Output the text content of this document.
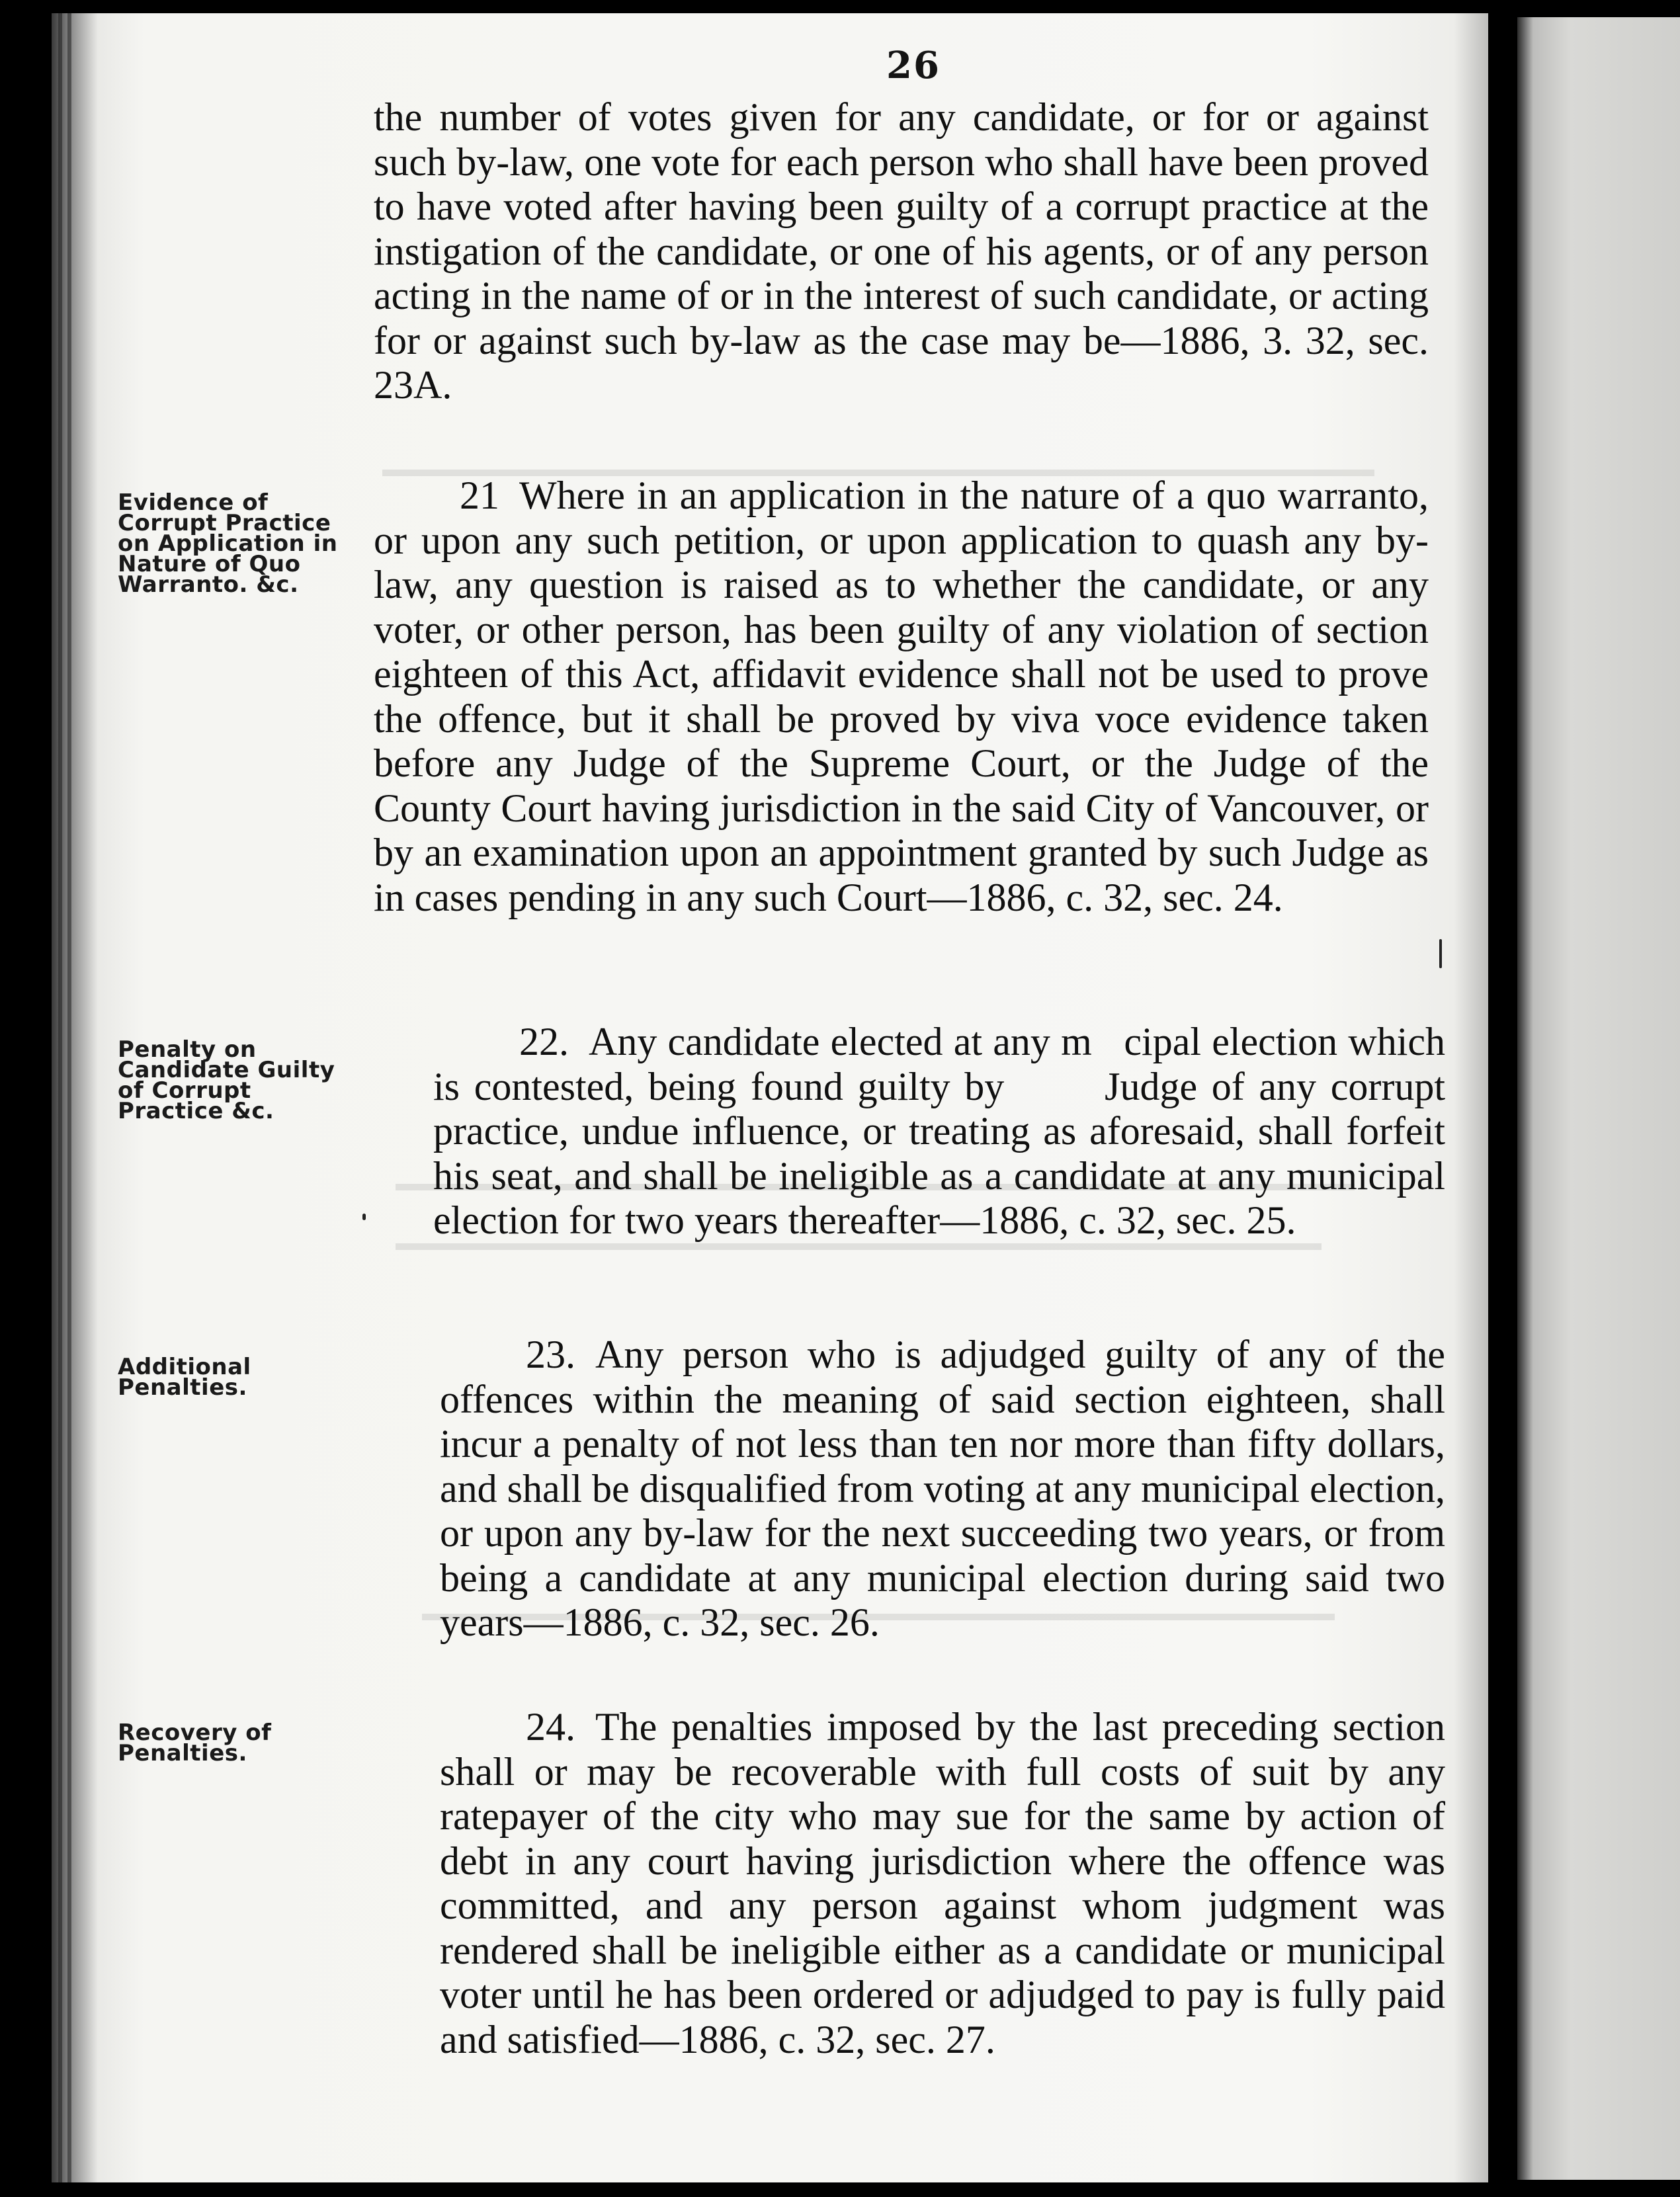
26
the number of votes given for any candidate, or for or against such by-law, one vote for each person who shall have been proved to have voted after having been guilty of a corrupt practice at the instigation of the candidate, or one of his agents, or of any person acting in the name of or in the interest of such candidate, or acting for or against such by-law as the case may be—1886, 3. 32, sec. 23A.
Evidence of Corrupt Practice on Application in Nature of Quo Warranto. &c.
21 Where in an application in the nature of a quo warranto, or upon any such petition, or upon application to quash any by-law, any question is raised as to whether the candidate, or any voter, or other person, has been guilty of any violation of section eighteen of this Act, affidavit evidence shall not be used to prove the offence, but it shall be proved by viva voce evidence taken before any Judge of the Supreme Court, or the Judge of the County Court having jurisdiction in the said City of Vancouver, or by an examination upon an appointment granted by such Judge as in cases pending in any such Court—1886, c. 32, sec. 24.
Penalty on Candidate Guilty of Corrupt Practice &c.
22. Any candidate elected at any m   cipal election which is contested, being found guilty by       Judge of any corrupt practice, undue influence, or treating as aforesaid, shall forfeit his seat, and shall be ineligible as a candidate at any municipal election for two years thereafter—1886, c. 32, sec. 25.
Additional Penalties.
23. Any person who is adjudged guilty of any of the offences within the meaning of said section eighteen, shall incur a penalty of not less than ten nor more than fifty dollars, and shall be disqualified from voting at any municipal election, or upon any by-law for the next succeeding two years, or from being a candidate at any municipal election during said two years—1886, c. 32, sec. 26.
Recovery of Penalties.
24. The penalties imposed by the last preceding section shall or may be recoverable with full costs of suit by any ratepayer of the city who may sue for the same by action of debt in any court having jurisdiction where the offence was committed, and any person against whom judgment was rendered shall be ineligible either as a candidate or municipal voter until he has been ordered or adjudged to pay is fully paid and satisfied—1886, c. 32, sec. 27.
